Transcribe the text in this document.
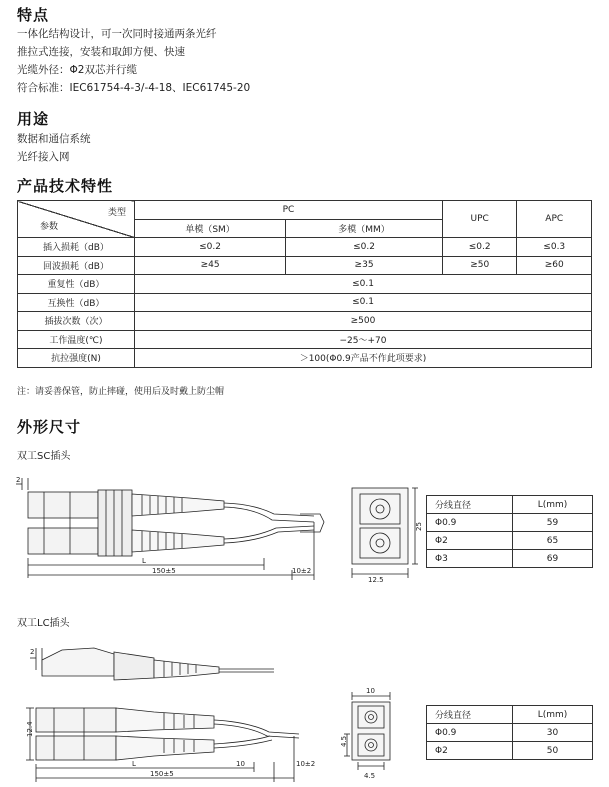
特点
一体化结构设计，可一次同时接通两条光纤
推拉式连接，安装和取卸方便、快速
光缆外径：Φ2双芯并行缆
符合标准：IEC61754-4-3/-4-18、IEC61745-20
用途
数据和通信系统
光纤接入网
产品技术特性
类型
参数	PC		UPC	APC
	单模（SM）	多模（MM）		
插入损耗（dB）	≤0.2	≤0.2	≤0.2	≤0.3
回波损耗（dB）	≥45	≥35	≥50	≥60
重复性（dB）	≤0.1			
互换性（dB）	≤0.1			
插拔次数（次）	≥500			
工作温度(℃)	−25～+70			
抗拉强度(N)	＞100(Φ0.9产品不作此项要求)			
注：请妥善保管，防止摔碰，使用后及时戴上防尘帽
外形尺寸
双工SC插头
2
L
150±5	10±2
12.5
25
分线直径	L(mm)
Φ0.9	59
Φ2	65
Φ3	69
双工LC插头
2
12.4
L	10
150±5
10±2
10
4.5
4.5
分线直径	L(mm)
Φ0.9	30
Φ2	50
